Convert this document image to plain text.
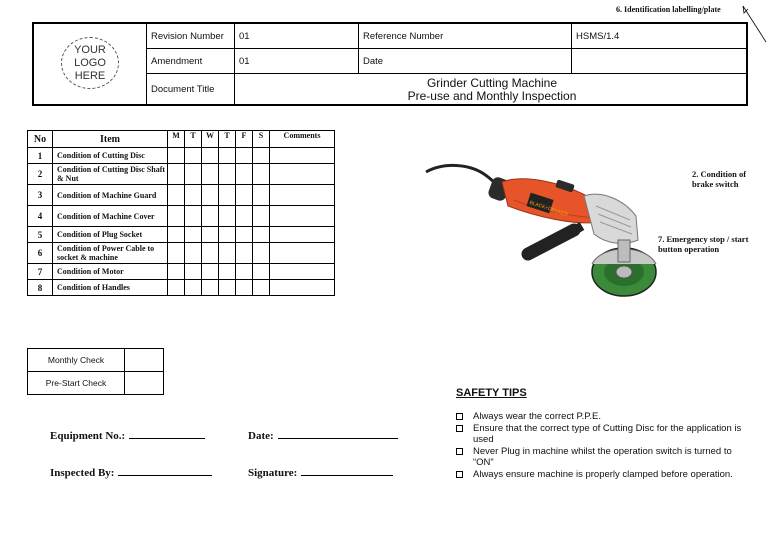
6. Identification labelling/plate
YOUR
LOGO
HERE
Revision Number	01	Reference Number	HSMS/1.4
Amendment	01	Date
Document Title	Grinder Cutting Machine
Pre-use and Monthly Inspection
No	Item	M	T	W	T	F	S	Comments
1	Condition of Cutting Disc							
2	Condition of Cutting Disc Shaft & Nut							
3	Condition of Machine Guard							
4	Condition of Machine Cover							
5	Condition of Plug Socket							
6	Condition of Power Cable to socket & machine							
7	Condition of Motor							
8	Condition of Handles							
BLACK+DECKER
2. Condition of brake switch
7. Emergency stop / start button operation
Monthly Check	
Pre-Start Check	
Equipment No.:	Date:
Inspected By:	Signature:
SAFETY TIPS
Always wear the correct P.P.E.
Ensure that the correct type of Cutting Disc for the application is used
Never Plug in machine whilst the operation switch is turned to “ON”
Always ensure machine is properly clamped before operation.
